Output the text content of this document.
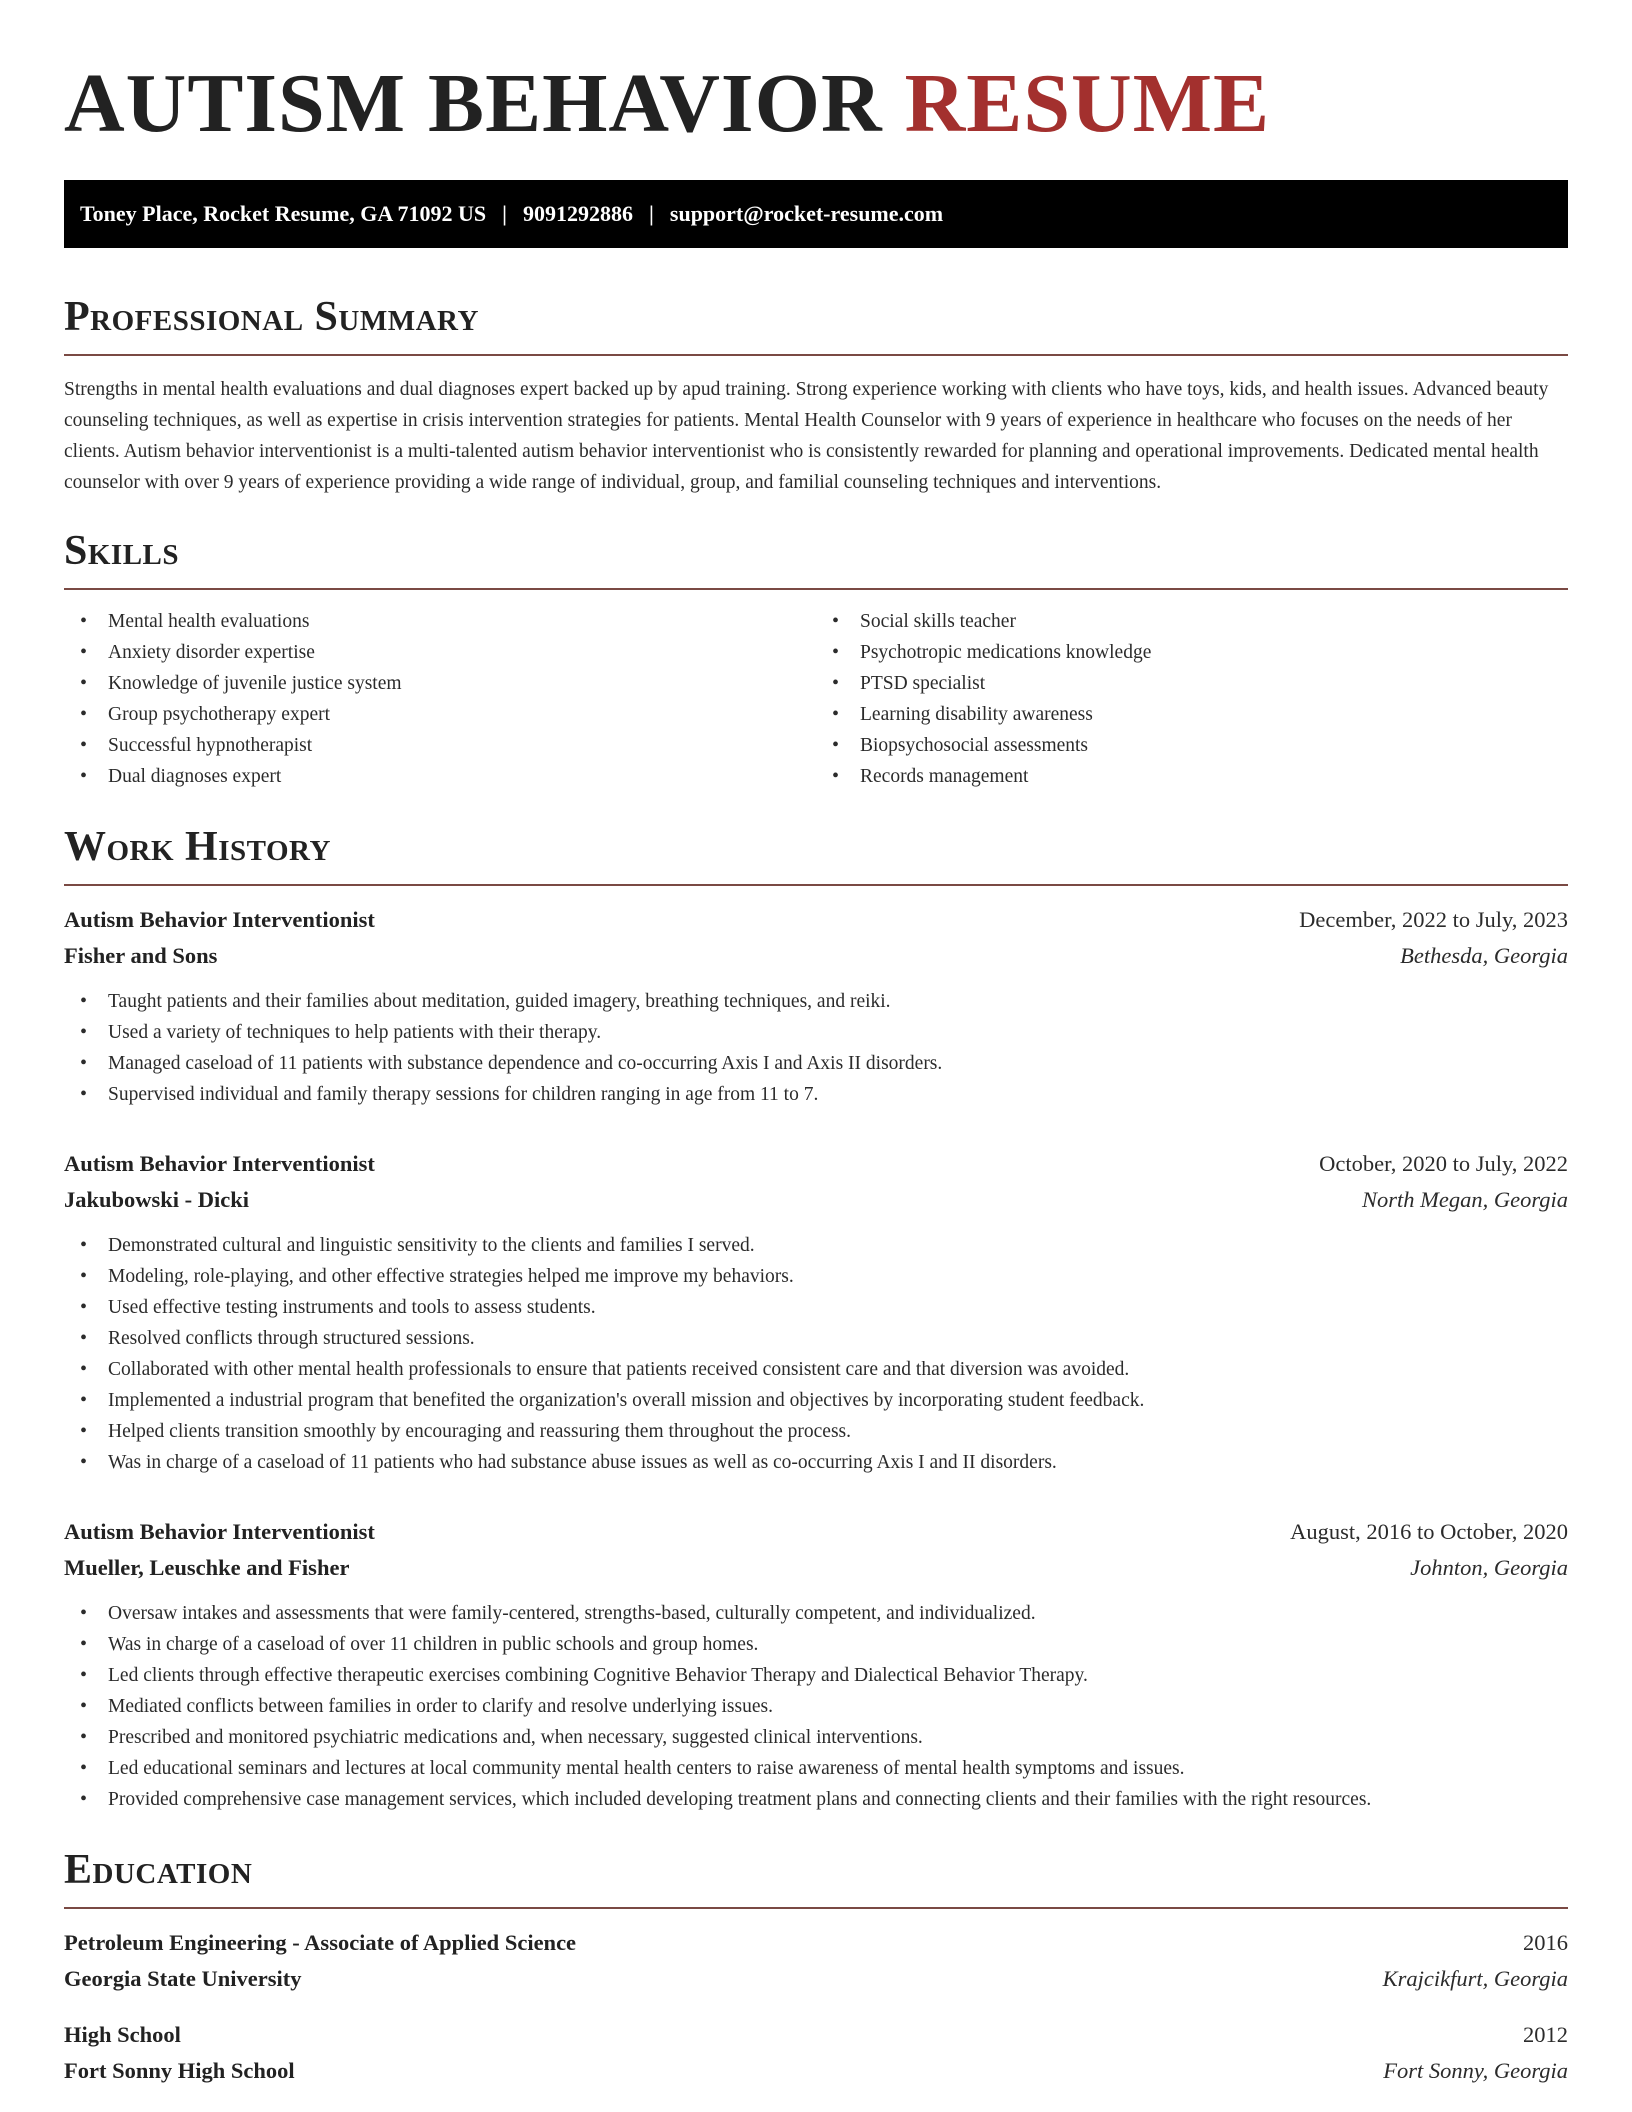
AUTISM BEHAVIOR RESUME
Toney Place, Rocket Resume, GA 71092 US | 9091292886 | support@rocket-resume.com
Professional Summary

Strengths in mental health evaluations and dual diagnoses expert backed up by apud training. Strong experience working with clients who have toys, kids, and health issues. Advanced beauty counseling techniques, as well as expertise in crisis intervention strategies for patients. Mental Health Counselor with 9 years of experience in healthcare who focuses on the needs of her clients. Autism behavior interventionist is a multi-talented autism behavior interventionist who is consistently rewarded for planning and operational improvements. Dedicated mental health counselor with over 9 years of experience providing a wide range of individual, group, and familial counseling techniques and interventions.

Skills
• Mental health evaluations
• Anxiety disorder expertise
• Knowledge of juvenile justice system
• Group psychotherapy expert
• Successful hypnotherapist
• Dual diagnoses expert
• Social skills teacher
• Psychotropic medications knowledge
• PTSD specialist
• Learning disability awareness
• Biopsychosocial assessments
• Records management
Work History
Autism Behavior Interventionist	December, 2022 to July, 2023
Fisher and Sons	Bethesda, Georgia
• Taught patients and their families about meditation, guided imagery, breathing techniques, and reiki.
• Used a variety of techniques to help patients with their therapy.
• Managed caseload of 11 patients with substance dependence and co-occurring Axis I and Axis II disorders.
• Supervised individual and family therapy sessions for children ranging in age from 11 to 7.
Autism Behavior Interventionist	October, 2020 to July, 2022
Jakubowski - Dicki	North Megan, Georgia
• Demonstrated cultural and linguistic sensitivity to the clients and families I served.
• Modeling, role-playing, and other effective strategies helped me improve my behaviors.
• Used effective testing instruments and tools to assess students.
• Resolved conflicts through structured sessions.
• Collaborated with other mental health professionals to ensure that patients received consistent care and that diversion was avoided.
• Implemented a industrial program that benefited the organization's overall mission and objectives by incorporating student feedback.
• Helped clients transition smoothly by encouraging and reassuring them throughout the process.
• Was in charge of a caseload of 11 patients who had substance abuse issues as well as co-occurring Axis I and II disorders.
Autism Behavior Interventionist	August, 2016 to October, 2020
Mueller, Leuschke and Fisher	Johnton, Georgia
• Oversaw intakes and assessments that were family-centered, strengths-based, culturally competent, and individualized.
• Was in charge of a caseload of over 11 children in public schools and group homes.
• Led clients through effective therapeutic exercises combining Cognitive Behavior Therapy and Dialectical Behavior Therapy.
• Mediated conflicts between families in order to clarify and resolve underlying issues.
• Prescribed and monitored psychiatric medications and, when necessary, suggested clinical interventions.
• Led educational seminars and lectures at local community mental health centers to raise awareness of mental health symptoms and issues.
• Provided comprehensive case management services, which included developing treatment plans and connecting clients and their families with the right resources.
Education
Petroleum Engineering - Associate of Applied Science	2016
Georgia State University	Krajcikfurt, Georgia
High School	2012
Fort Sonny High School	Fort Sonny, Georgia
